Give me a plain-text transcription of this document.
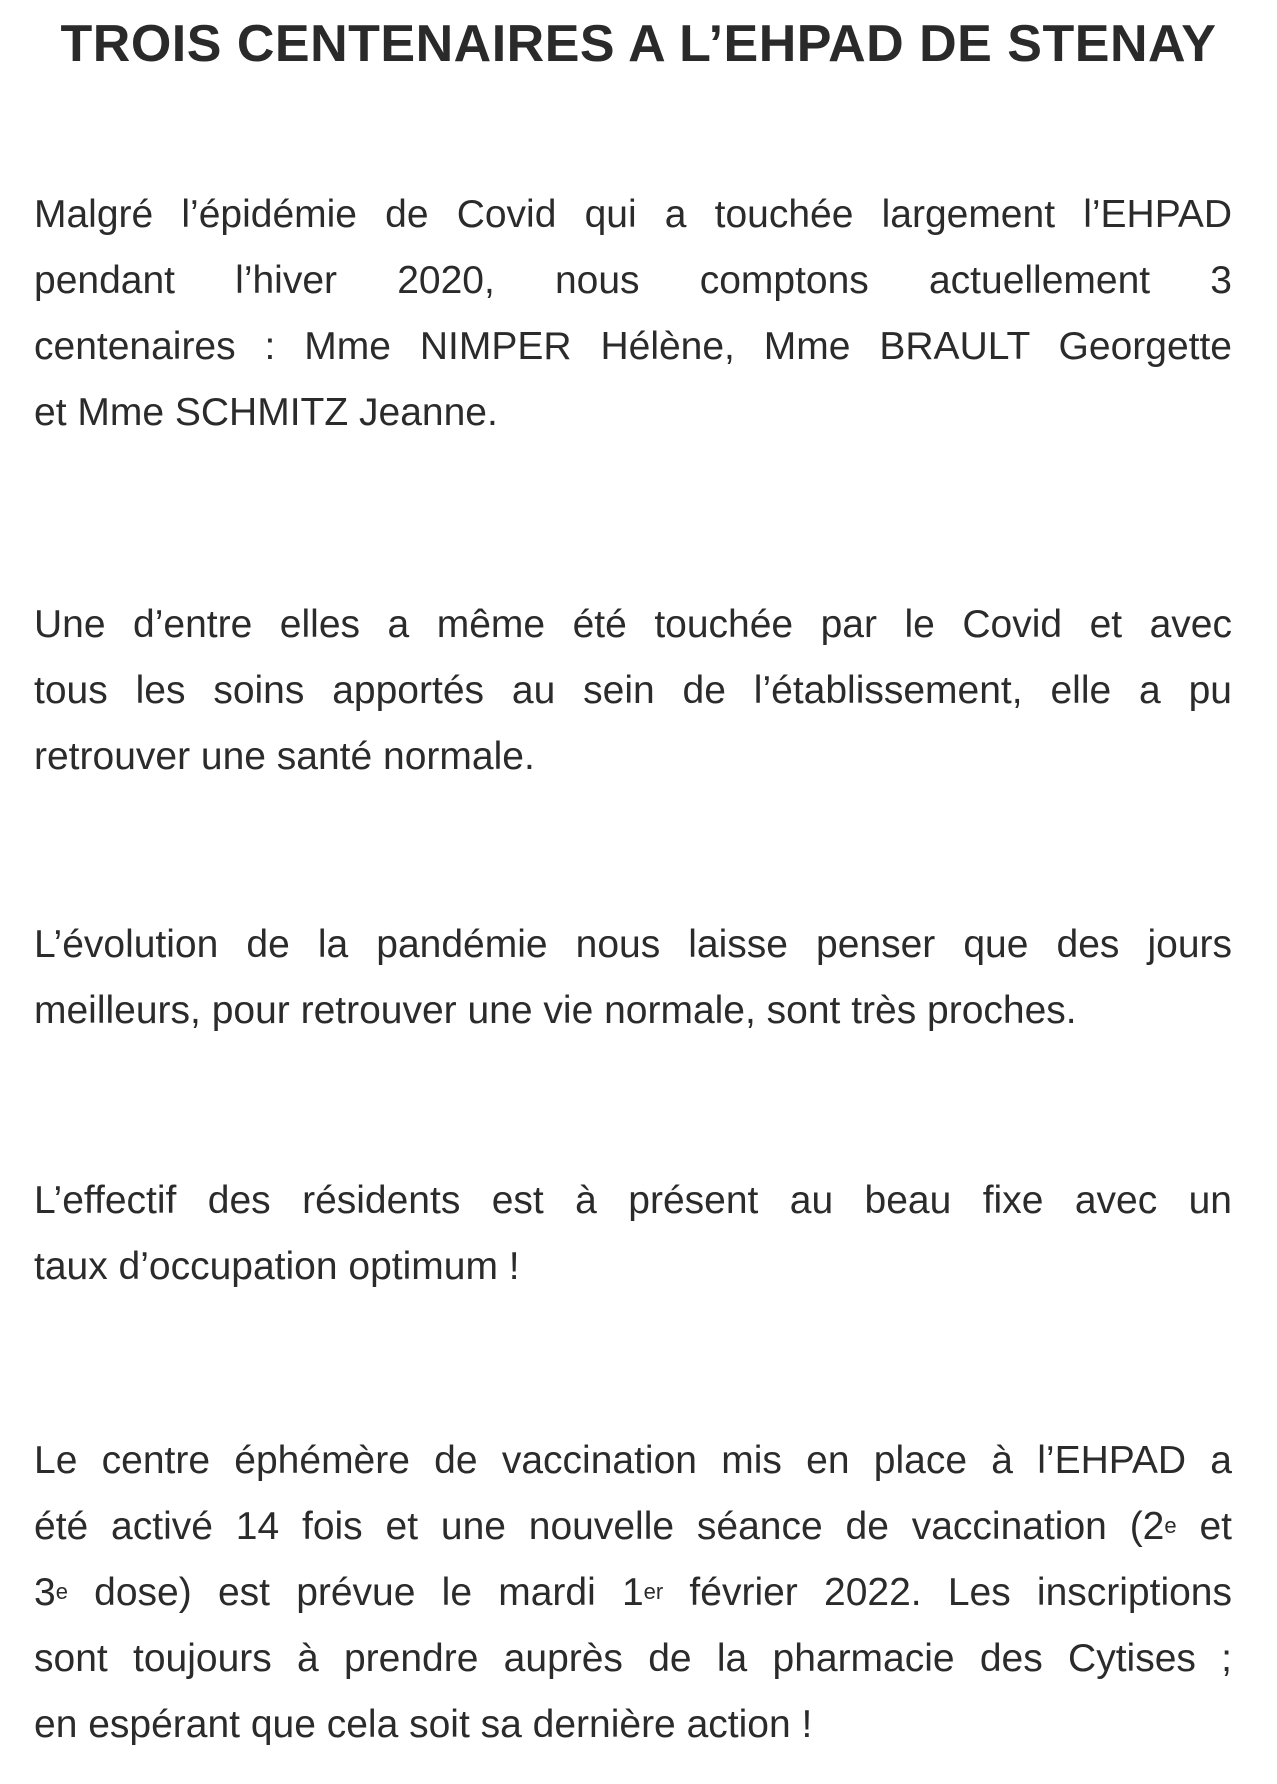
TROIS CENTENAIRES A L’EHPAD DE STENAY
Malgré l’épidémie de Covid qui a touchée largement l’EHPAD
pendant l’hiver 2020, nous comptons actuellement 3
centenaires : Mme NIMPER Hélène, Mme BRAULT Georgette
et Mme SCHMITZ Jeanne.
Une d’entre elles a même été touchée par le Covid et avec
tous les soins apportés au sein de l’établissement, elle a pu
retrouver une santé normale.
L’évolution de la pandémie nous laisse penser que des jours
meilleurs, pour retrouver une vie normale, sont très proches.
L’effectif des résidents est à présent au beau fixe avec un
taux d’occupation optimum !
Le centre éphémère de vaccination mis en place à l’EHPAD a
été activé 14 fois et une nouvelle séance de vaccination (2e et
3e dose) est prévue le mardi 1er février 2022. Les inscriptions
sont toujours à prendre auprès de la pharmacie des Cytises ;
en espérant que cela soit sa dernière action !
